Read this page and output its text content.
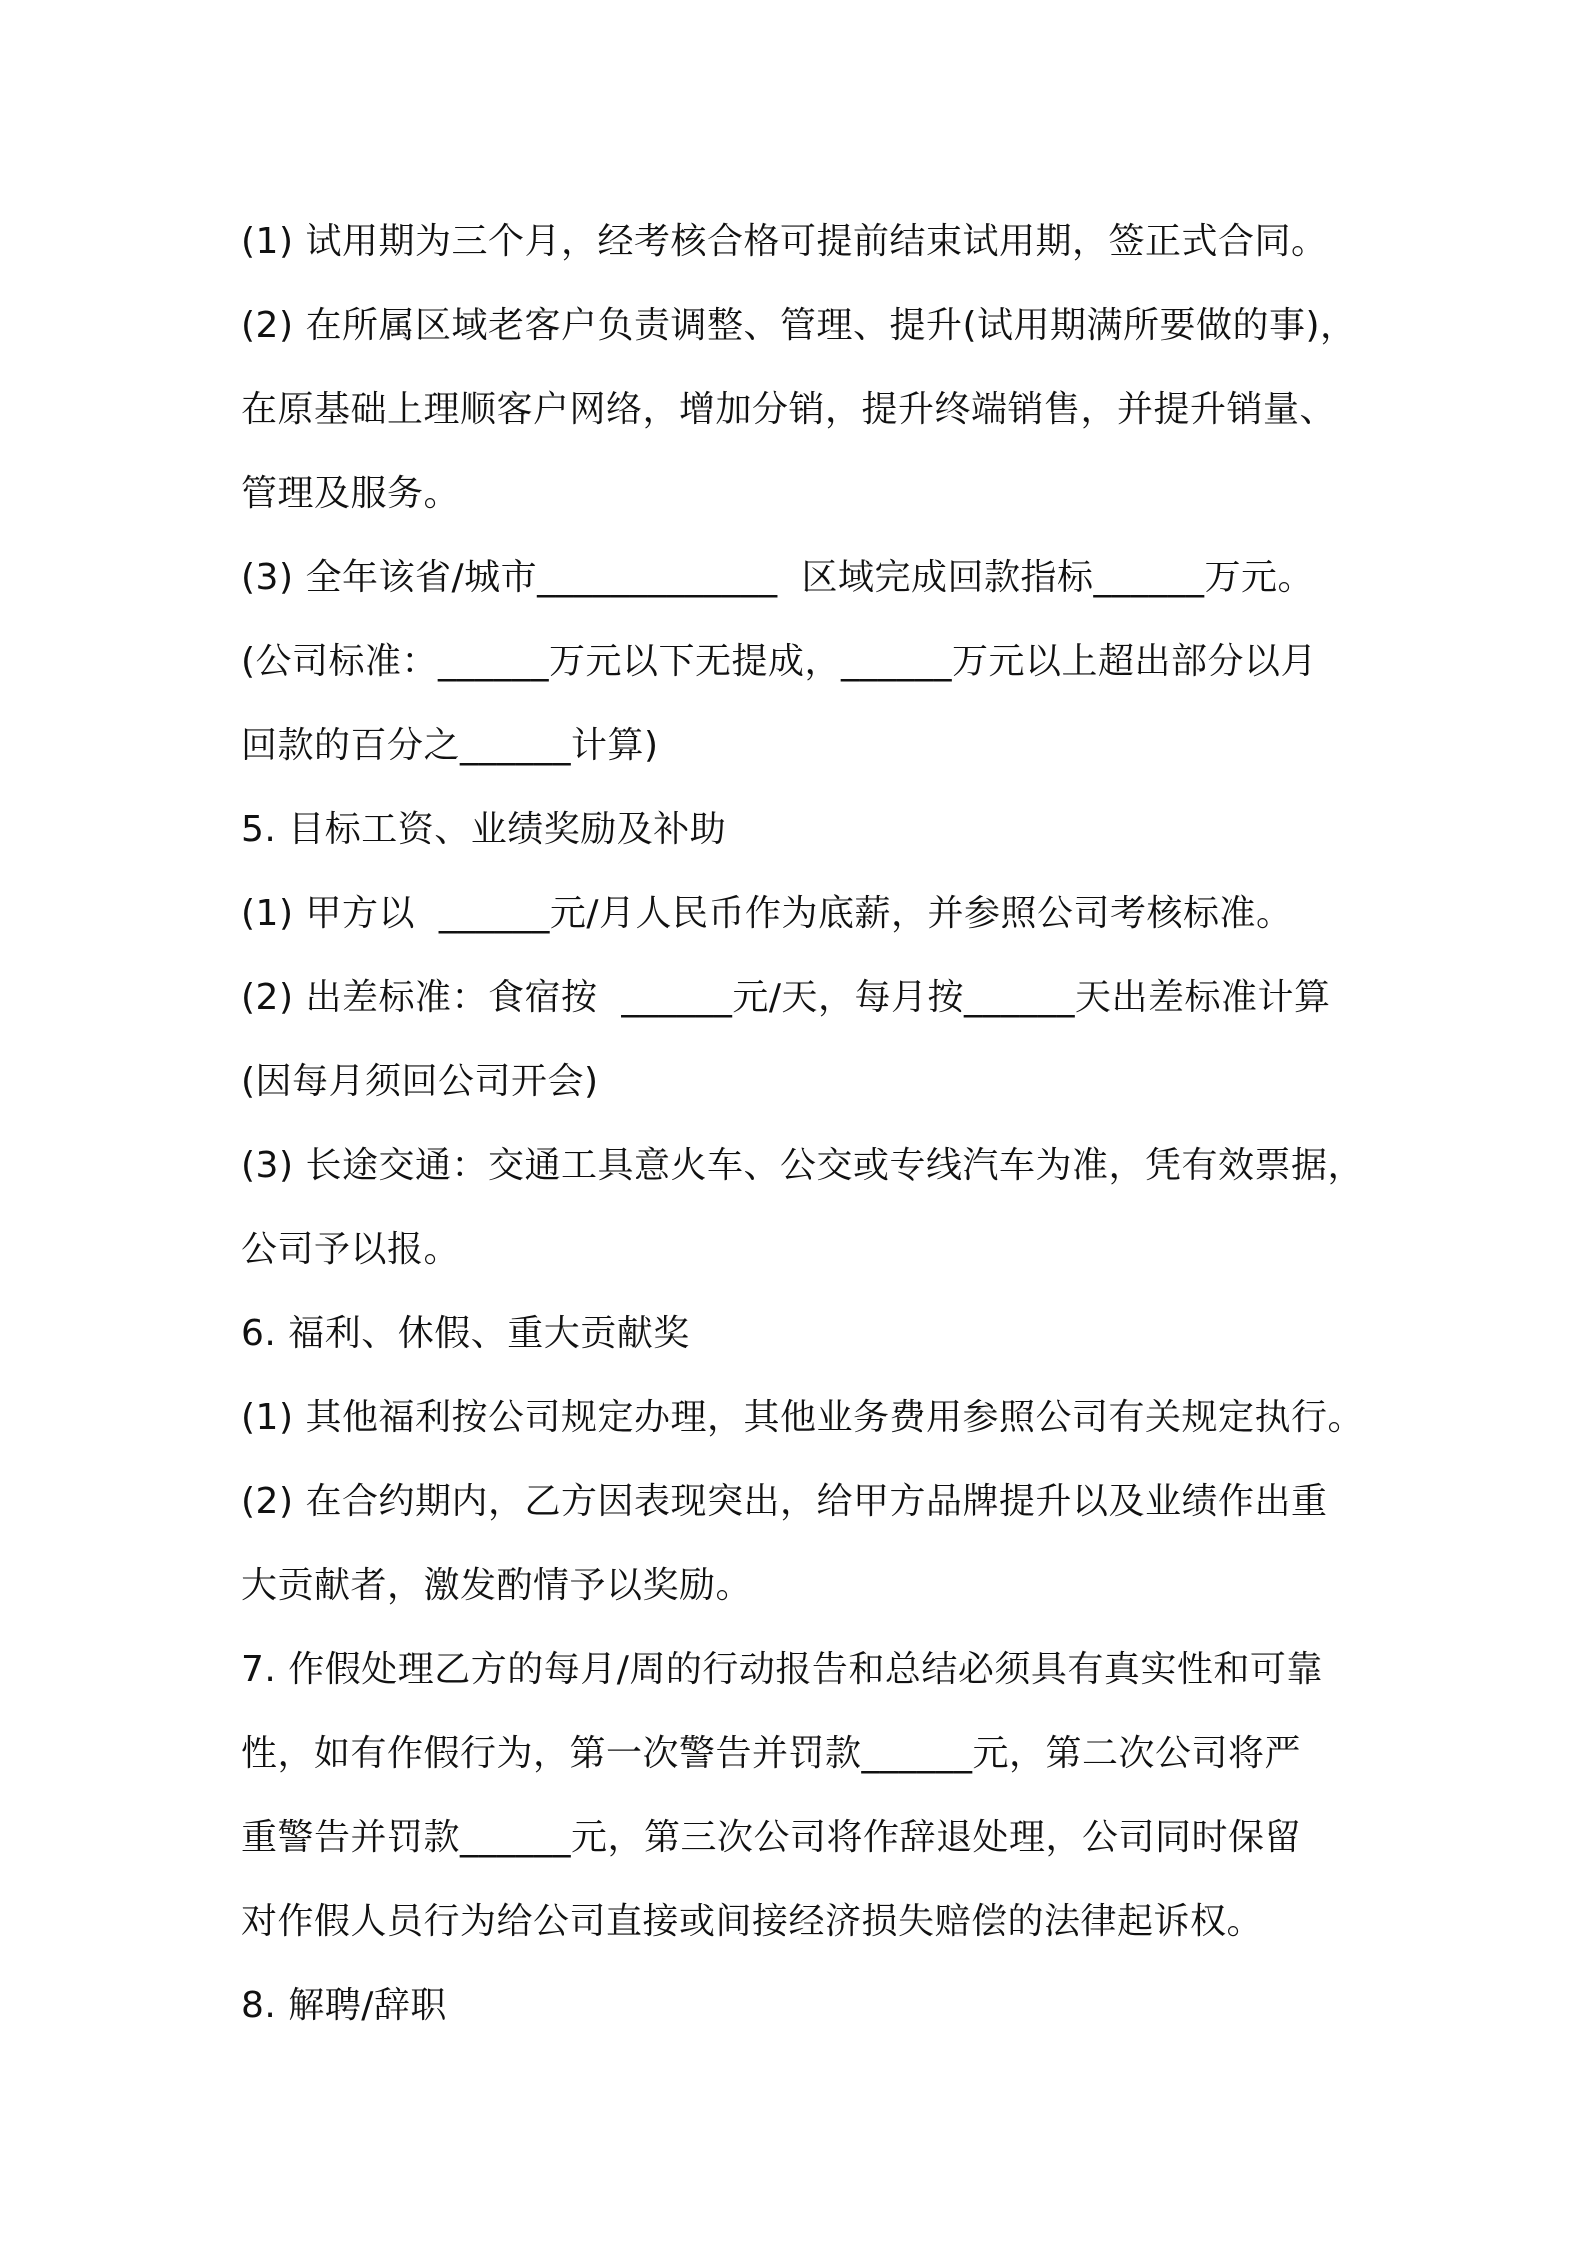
(1) 试用期为三个月，经考核合格可提前结束试用期，签正式合同。
(2) 在所属区域老客户负责调整、管理、提升(试用期满所要做的事)，
在原基础上理顺客户网络，增加分销，提升终端销售，并提升销量、
管理及服务。
(3) 全年该省/城市_____________  区域完成回款指标______万元。
(公司标准：______万元以下无提成，______万元以上超出部分以月
回款的百分之______计算)
5. 目标工资、业绩奖励及补助
(1) 甲方以  ______元/月人民币作为底薪，并参照公司考核标准。
(2) 出差标准：食宿按  ______元/天，每月按______天出差标准计算
(因每月须回公司开会)
(3) 长途交通：交通工具意火车、公交或专线汽车为准，凭有效票据，
公司予以报。
6. 福利、休假、重大贡献奖
(1) 其他福利按公司规定办理，其他业务费用参照公司有关规定执行。
(2) 在合约期内，乙方因表现突出，给甲方品牌提升以及业绩作出重
大贡献者，激发酌情予以奖励。
7. 作假处理乙方的每月/周的行动报告和总结必须具有真实性和可靠
性，如有作假行为，第一次警告并罚款______元，第二次公司将严
重警告并罚款______元，第三次公司将作辞退处理，公司同时保留
对作假人员行为给公司直接或间接经济损失赔偿的法律起诉权。
8. 解聘/辞职
